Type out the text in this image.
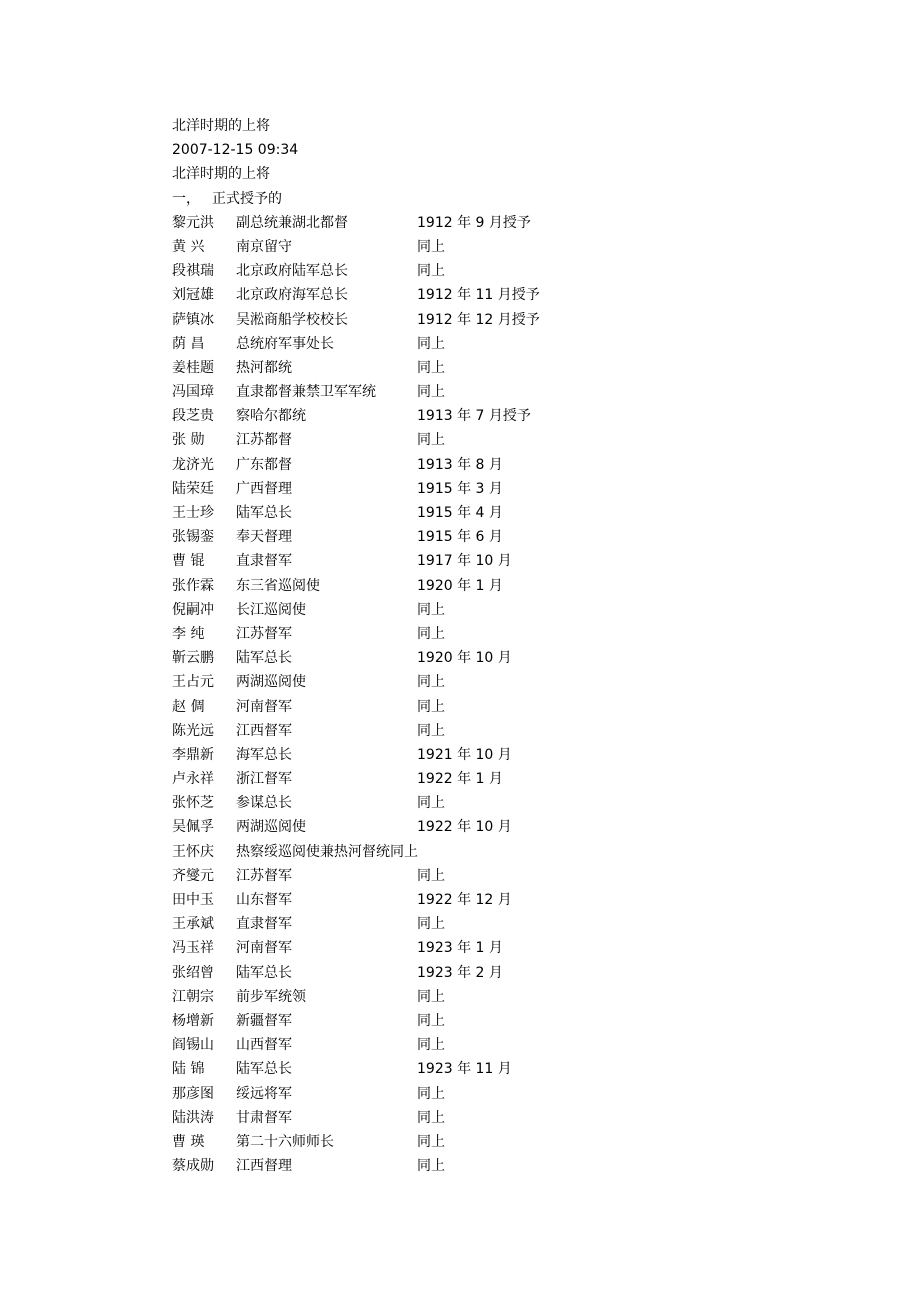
北洋时期的上将
2007-12-15 09:34
北洋时期的上将
一， 正式授予的
黎元洪	副总统兼湖北都督	1912 年 9 月授予
黄 兴	南京留守	同上
段祺瑞	北京政府陆军总长	同上
刘冠雄	北京政府海军总长	1912 年 11 月授予
萨镇冰	吴淞商船学校校长	1912 年 12 月授予
荫 昌	总统府军事处长	同上
姜桂题	热河都统	同上
冯国璋	直隶都督兼禁卫军军统	同上
段芝贵	察哈尔都统	1913 年 7 月授予
张 勋	江苏都督	同上
龙济光	广东都督	1913 年 8 月
陆荣廷	广西督理	1915 年 3 月
王士珍	陆军总长	1915 年 4 月
张锡銮	奉天督理	1915 年 6 月
曹 锟	直隶督军	1917 年 10 月
张作霖	东三省巡阅使	1920 年 1 月
倪嗣冲	长江巡阅使	同上
李 纯	江苏督军	同上
靳云鹏	陆军总长	1920 年 10 月
王占元	两湖巡阅使	同上
赵 倜	河南督军	同上
陈光远	江西督军	同上
李鼎新	海军总长	1921 年 10 月
卢永祥	浙江督军	1922 年 1 月
张怀芝	参谋总长	同上
吴佩孚	两湖巡阅使	1922 年 10 月
王怀庆	热察绥巡阅使兼热河督统同上
齐燮元	江苏督军	同上
田中玉	山东督军	1922 年 12 月
王承斌	直隶督军	同上
冯玉祥	河南督军	1923 年 1 月
张绍曾	陆军总长	1923 年 2 月
江朝宗	前步军统领	同上
杨增新	新疆督军	同上
阎锡山	山西督军	同上
陆 锦	陆军总长	1923 年 11 月
那彦图	绥远将军	同上
陆洪涛	甘肃督军	同上
曹 瑛	第二十六师师长	同上
蔡成勋	江西督理	同上
